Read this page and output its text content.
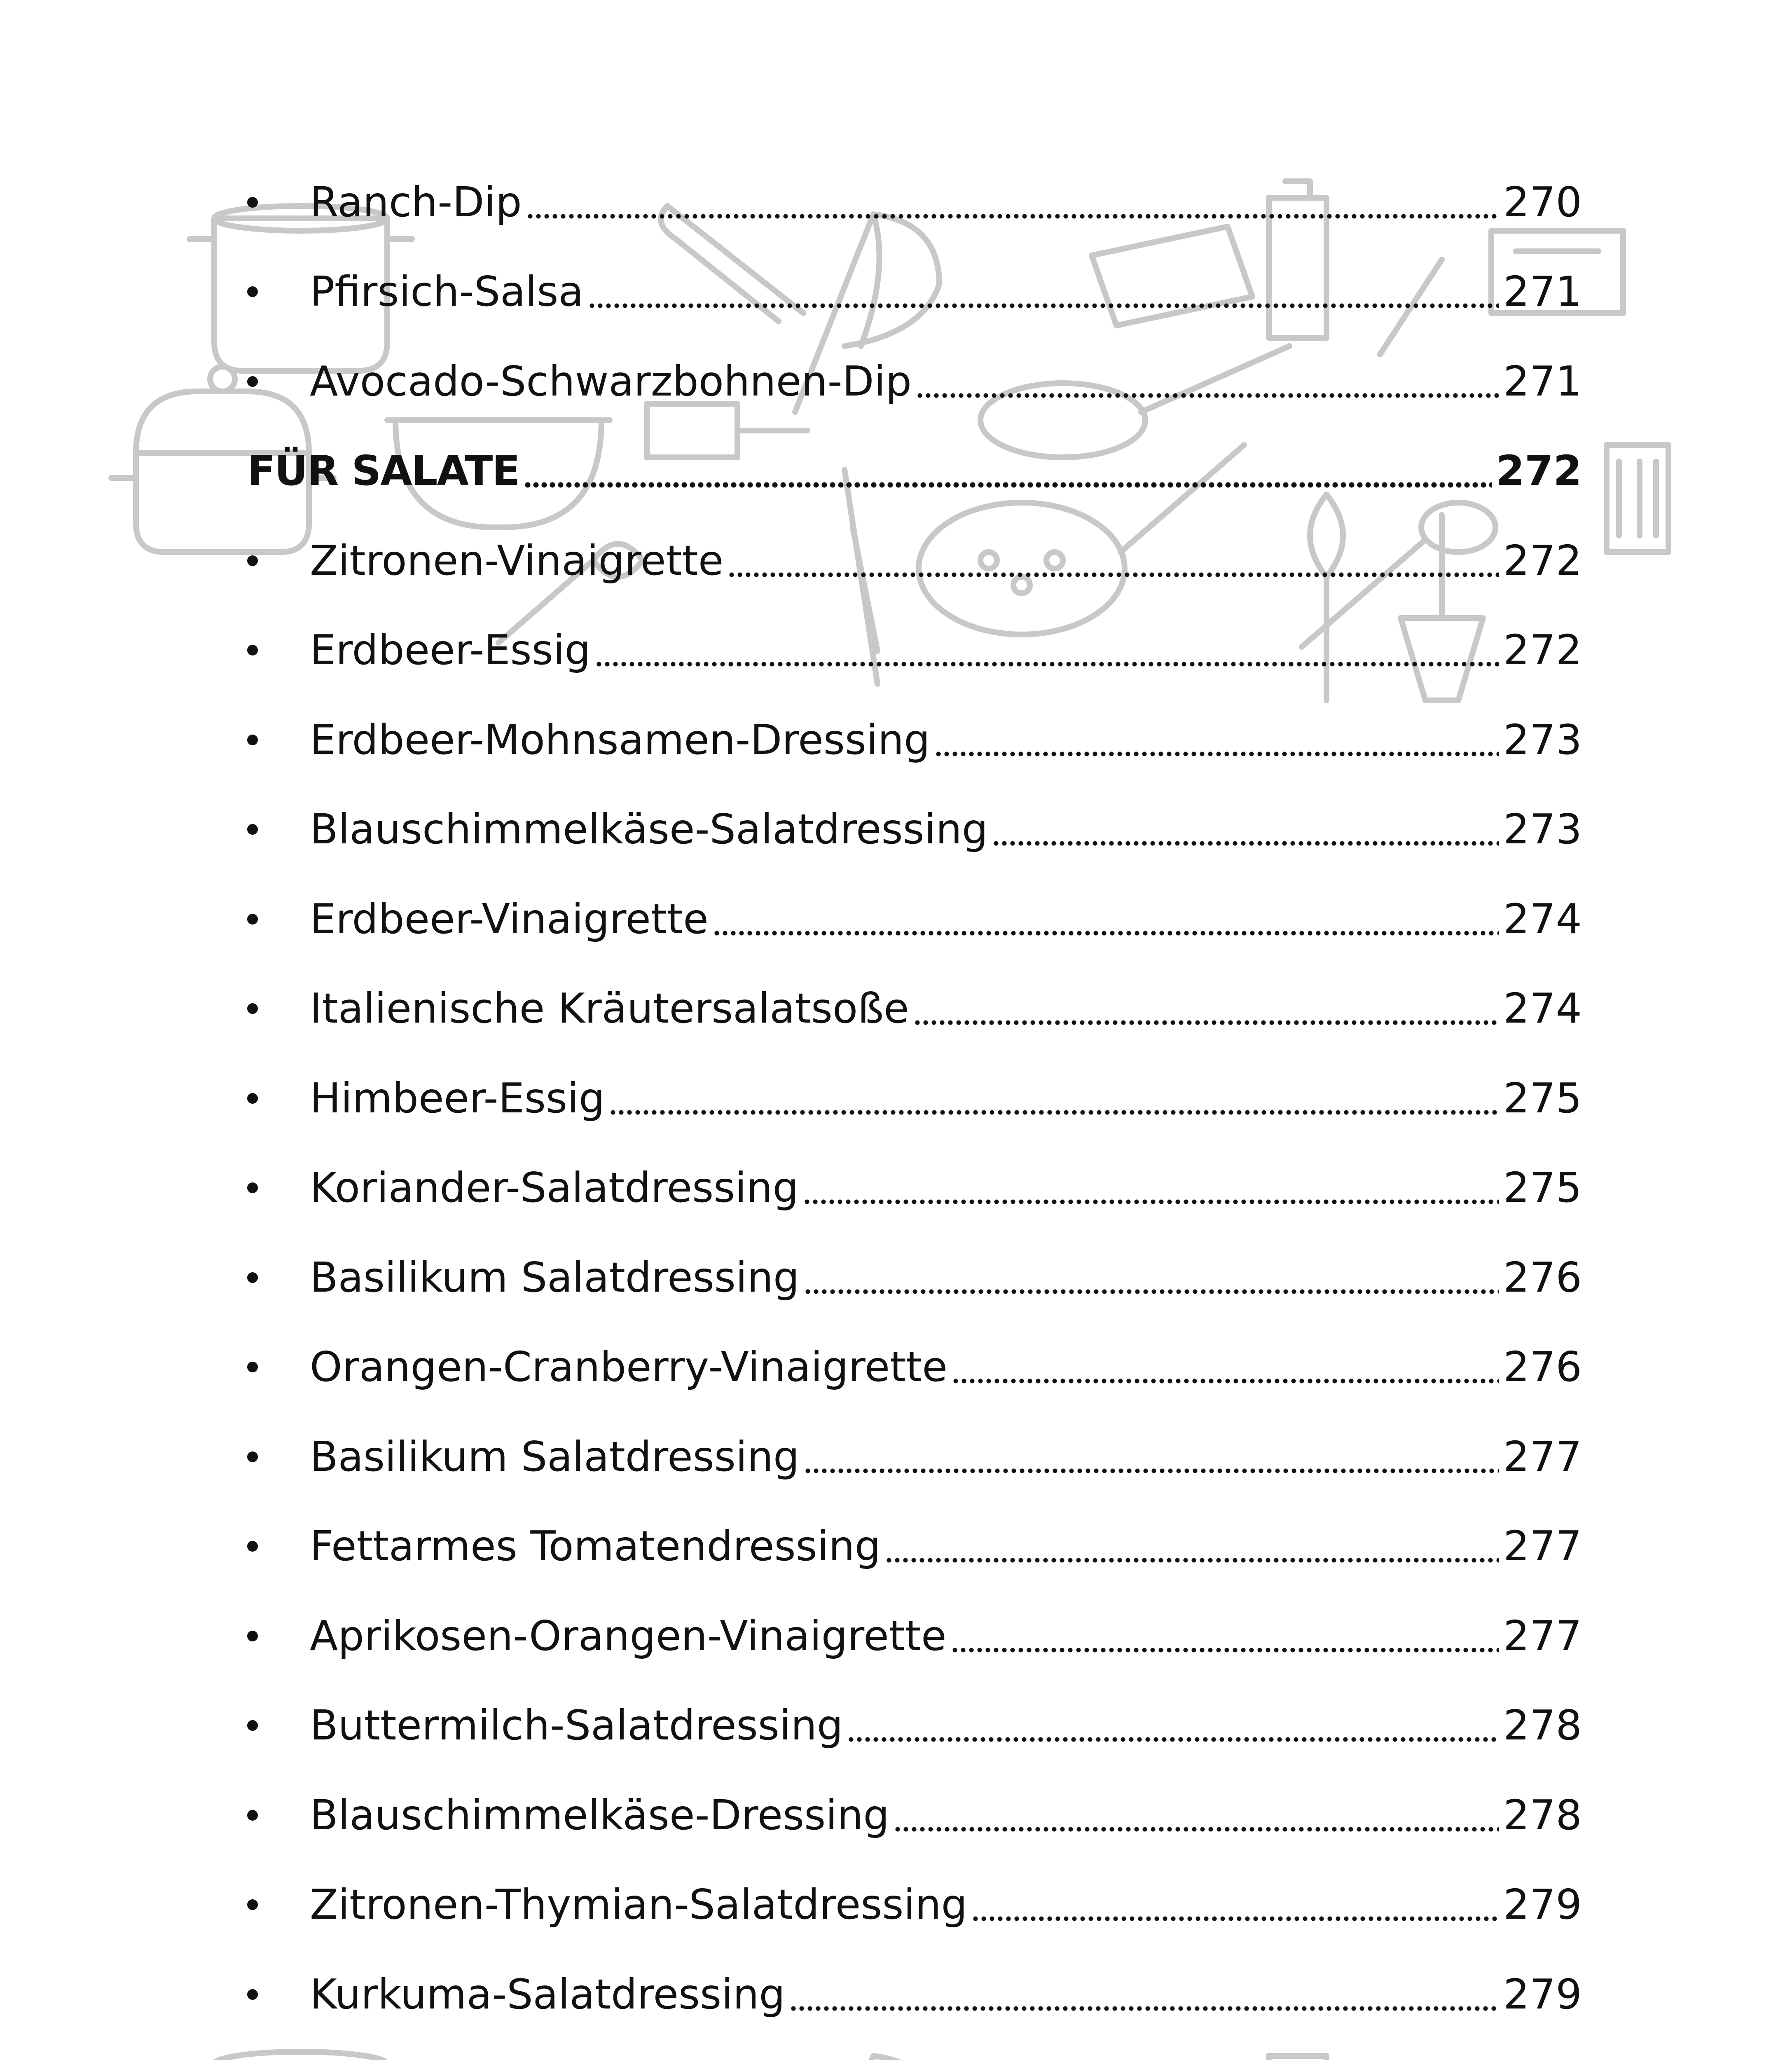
Ranch-Dip	270
Pfirsich-Salsa	271
Avocado-Schwarzbohnen-Dip	271
FÜR SALATE	272
Zitronen-Vinaigrette	272
Erdbeer-Essig	272
Erdbeer-Mohnsamen-Dressing	273
Blauschimmelkäse-Salatdressing	273
Erdbeer-Vinaigrette	274
Italienische Kräutersalatsoße	274
Himbeer-Essig	275
Koriander-Salatdressing	275
Basilikum Salatdressing	276
Orangen-Cranberry-Vinaigrette	276
Basilikum Salatdressing	277
Fettarmes Tomatendressing	277
Aprikosen-Orangen-Vinaigrette	277
Buttermilch-Salatdressing	278
Blauschimmelkäse-Dressing	278
Zitronen-Thymian-Salatdressing	279
Kurkuma-Salatdressing	279
